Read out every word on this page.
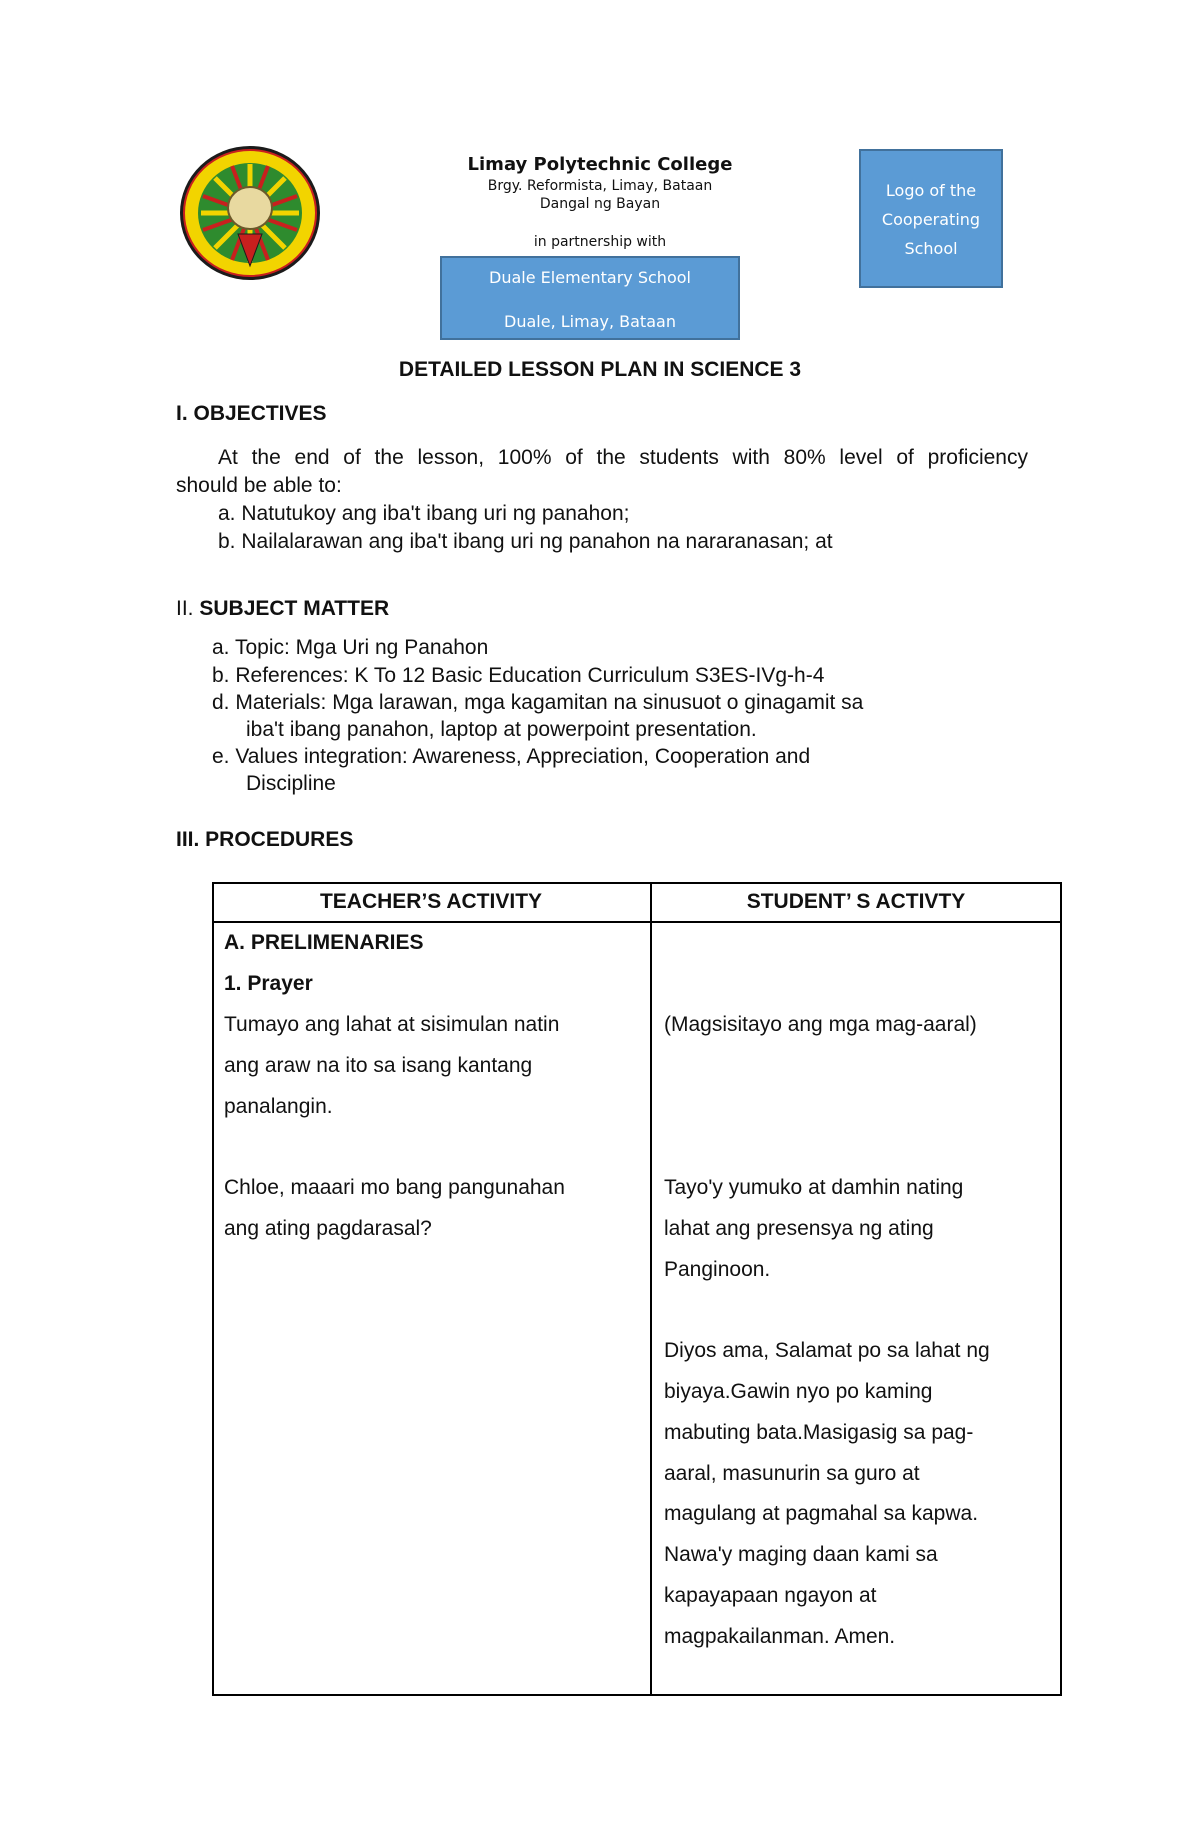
Limay Polytechnic College
Brgy. Reformista, Limay, Bataan
Dangal ng Bayan
in partnership with
Duale Elementary School
Duale, Limay, Bataan
Logo of the
Cooperating
School
DETAILED LESSON PLAN IN SCIENCE 3
I. OBJECTIVES
At the end of the lesson, 100% of the students with 80% level of proficiency
should be able to:
a. Natutukoy ang iba't ibang uri ng panahon;
b. Nailalarawan ang iba't ibang uri ng panahon na nararanasan; at
II. SUBJECT MATTER
a. Topic: Mga Uri ng Panahon
b. References: K To 12 Basic Education Curriculum S3ES-IVg-h-4
d. Materials: Mga larawan, mga kagamitan na sinusuot o ginagamit sa
iba't ibang panahon, laptop at powerpoint presentation.
e. Values integration: Awareness, Appreciation, Cooperation and
Discipline
III. PROCEDURES
TEACHER’S ACTIVITY	STUDENT’ S ACTIVTY
A. PRELIMENARIES
1. Prayer
Tumayo ang lahat at sisimulan natin
ang araw na ito sa isang kantang
panalangin.
Chloe, maaari mo bang pangunahan
ang ating pagdarasal?
(Magsisitayo ang mga mag-aaral)
Tayo'y yumuko at damhin nating
lahat ang presensya ng ating
Panginoon.
Diyos ama, Salamat po sa lahat ng
biyaya.Gawin nyo po kaming
mabuting bata.Masigasig sa pag-
aaral, masunurin sa guro at
magulang at pagmahal sa kapwa.
Nawa'y maging daan kami sa
kapayapaan ngayon at
magpakailanman. Amen.
